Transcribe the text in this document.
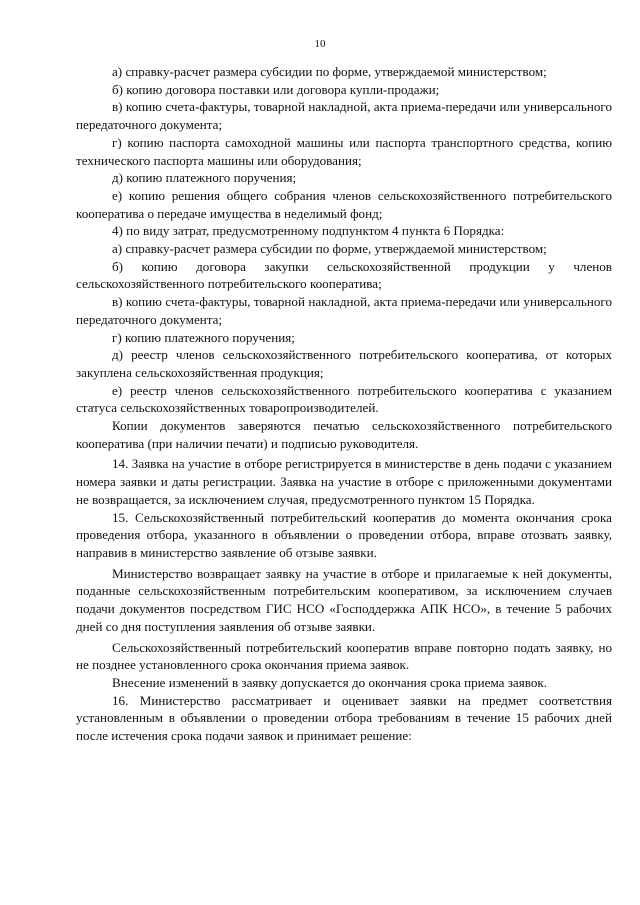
10

а) справку-расчет размера субсидии по форме, утверждаемой министерством;

б) копию договора поставки или договора купли-продажи;

в) копию счета-фактуры, товарной накладной, акта приема-передачи или универсального передаточного документа;

г) копию паспорта самоходной машины или паспорта транспортного средства, копию технического паспорта машины или оборудования;

д) копию платежного поручения;

е) копию решения общего собрания членов сельскохозяйственного потребительского кооператива о передаче имущества в неделимый фонд;

4) по виду затрат, предусмотренному подпунктом 4 пункта 6 Порядка:

а) справку-расчет размера субсидии по форме, утверждаемой министерством;

б) копию договора закупки сельскохозяйственной продукции у членов сельскохозяйственного потребительского кооператива;

в) копию счета-фактуры, товарной накладной, акта приема-передачи или универсального передаточного документа;

г) копию платежного поручения;

д) реестр членов сельскохозяйственного потребительского кооператива, от которых закуплена сельскохозяйственная продукция;

е) реестр членов сельскохозяйственного потребительского кооператива с указанием статуса сельскохозяйственных товаропроизводителей.

Копии документов заверяются печатью сельскохозяйственного потребительского кооператива (при наличии печати) и подписью руководителя.

14. Заявка на участие в отборе регистрируется в министерстве в день подачи с указанием номера заявки и даты регистрации. Заявка на участие в отборе с приложенными документами не возвращается, за исключением случая, предусмотренного пунктом 15 Порядка.

15. Сельскохозяйственный потребительский кооператив до момента окончания срока проведения отбора, указанного в объявлении о проведении отбора, вправе отозвать заявку, направив в министерство заявление об отзыве заявки.

Министерство возвращает заявку на участие в отборе и прилагаемые к ней документы, поданные сельскохозяйственным потребительским кооперативом, за исключением случаев подачи документов посредством ГИС НСО «Господдержка АПК НСО», в течение 5 рабочих дней со дня поступления заявления об отзыве заявки.

Сельскохозяйственный потребительский кооператив вправе повторно подать заявку, но не позднее установленного срока окончания приема заявок.

Внесение изменений в заявку допускается до окончания срока приема заявок.

16. Министерство рассматривает и оценивает заявки на предмет соответствия установленным в объявлении о проведении отбора требованиям в течение 15 рабочих дней после истечения срока подачи заявок и принимает решение:
